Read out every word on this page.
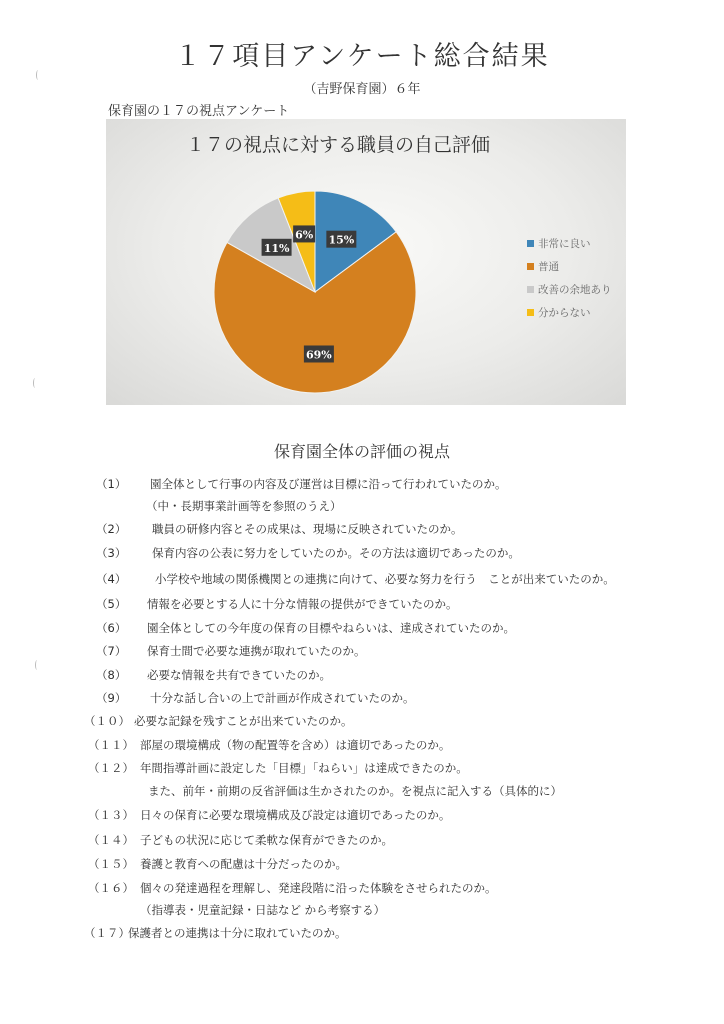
１７項目アンケート総合結果
（吉野保育園）６年
保育園の１７の視点アンケート
１７の視点に対する職員の自己評価
15%
69%
11%
6%
非常に良い
普通
改善の余地あり
分からない
保育園全体の評価の視点
（1） 園全体として行事の内容及び運営は目標に沿って行われていたのか。
（中・長期事業計画等を参照のうえ）
（2） 職員の研修内容とその成果は、現場に反映されていたのか。
（3） 保育内容の公表に努力をしていたのか。その方法は適切であったのか。
（4） 小学校や地域の関係機関との連携に向けて、必要な努力を行う　ことが出来ていたのか。
（5） 情報を必要とする人に十分な情報の提供ができていたのか。
（6） 園全体としての今年度の保育の目標やねらいは、達成されていたのか。
（7） 保育士間で必要な連携が取れていたのか。
（8） 必要な情報を共有できていたのか。
（9） 十分な話し合いの上で計画が作成されていたのか。
（１０） 必要な記録を残すことが出来ていたのか。
（１１） 部屋の環境構成（物の配置等を含め）は適切であったのか。
（１２） 年間指導計画に設定した「目標」「ねらい」は達成できたのか。
また、前年・前期の反省評価は生かされたのか。を視点に記入する（具体的に）
（１３） 日々の保育に必要な環境構成及び設定は適切であったのか。
（１４） 子どもの状況に応じて柔軟な保育ができたのか。
（１５） 養護と教育への配慮は十分だったのか。
（１６） 個々の発達過程を理解し、発達段階に沿った体験をさせられたのか。
（指導表・児童記録・日誌など から考察する）
（１７）
保護者との連携は十分に取れていたのか。
